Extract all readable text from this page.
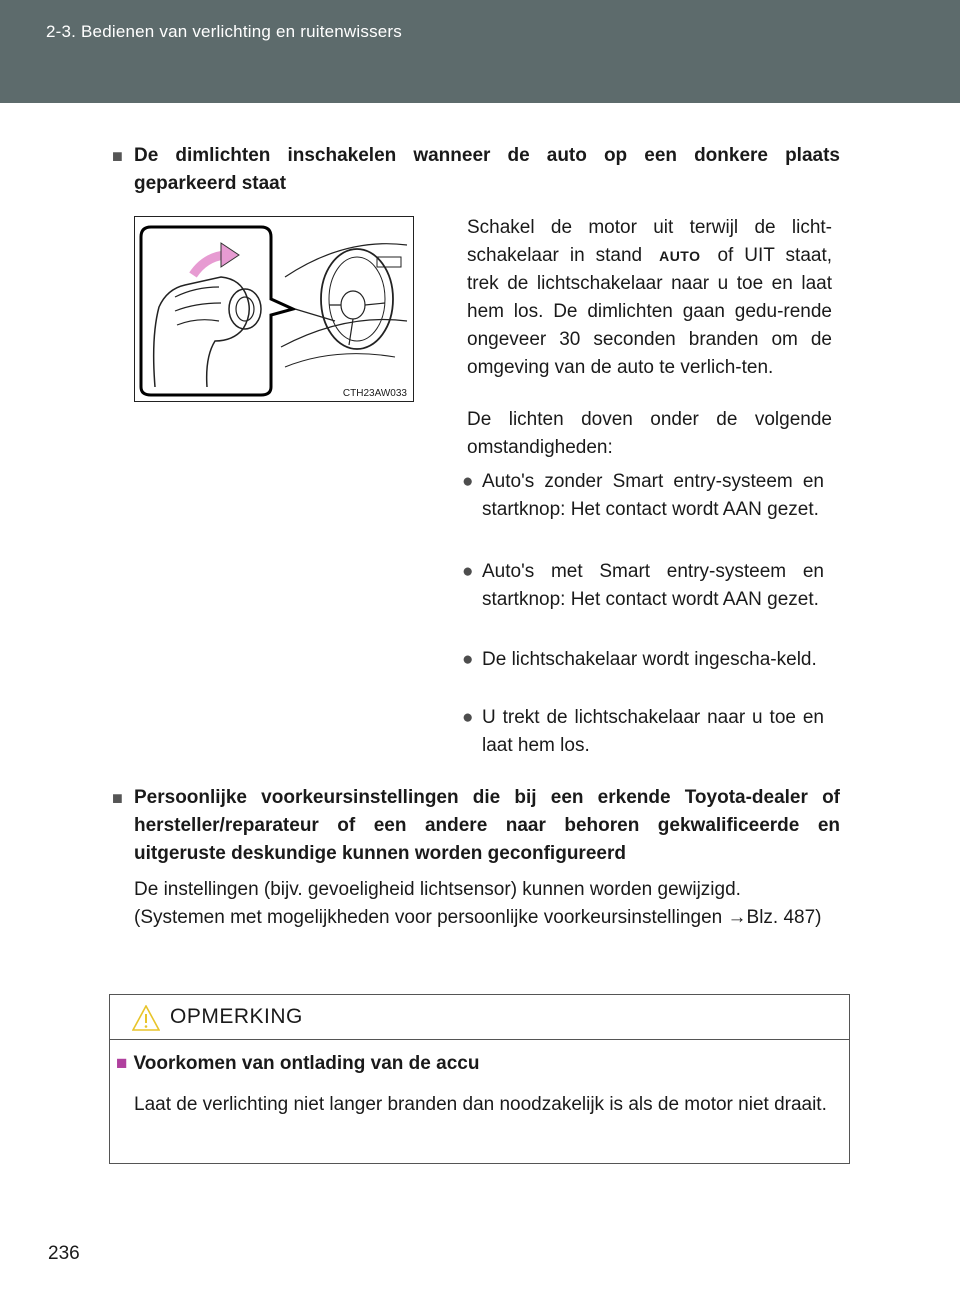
2-3. Bedienen van verlichting en ruitenwissers
■ De dimlichten inschakelen wanneer de auto op een donkere plaats geparkeerd staat
CTH23AW033
Schakel de motor uit terwijl de licht-schakelaar in stand AUTO of UIT staat, trek de lichtschakelaar naar u toe en laat hem los. De dimlichten gaan gedu-rende ongeveer 30 seconden branden om de omgeving van de auto te verlich-ten.
De lichten doven onder de volgende omstandigheden:
● Auto's zonder Smart entry-systeem en startknop: Het contact wordt AAN gezet.
● Auto's met Smart entry-systeem en startknop: Het contact wordt AAN gezet.
● De lichtschakelaar wordt ingescha-keld.
● U trekt de lichtschakelaar naar u toe en laat hem los.
■ Persoonlijke voorkeursinstellingen die bij een erkende Toyota-dealer of hersteller/reparateur of een andere naar behoren gekwalificeerde en uitgeruste deskundige kunnen worden geconfigureerd
De instellingen (bijv. gevoeligheid lichtsensor) kunnen worden gewijzigd.
(Systemen met mogelijkheden voor persoonlijke voorkeursinstellingen →Blz. 487)
OPMERKING
■ Voorkomen van ontlading van de accu
Laat de verlichting niet langer branden dan noodzakelijk is als de motor niet draait.
236
